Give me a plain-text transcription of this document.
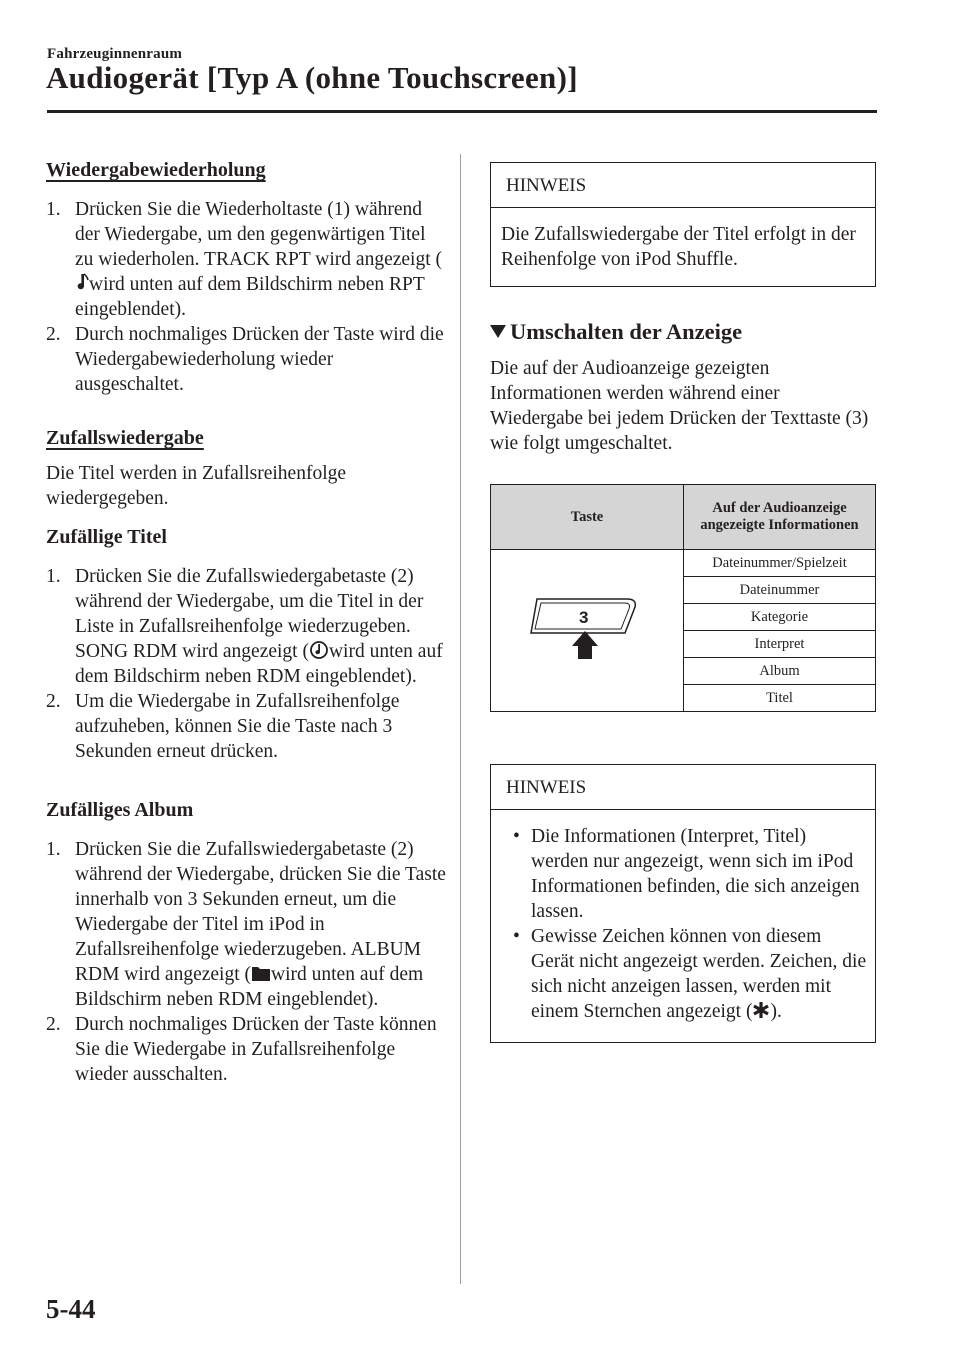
Fahrzeuginnenraum
Audiogerät [Typ A (ohne Touchscreen)]

Wiedergabewiederholung

1. Drücken Sie die Wiederholtaste (1) während der Wiedergabe, um den gegenwärtigen Titel zu wiederholen. TRACK RPT wird angezeigt (wird unten auf dem Bildschirm neben RPT eingeblendet).
2. Durch nochmaliges Drücken der Taste wird die Wiedergabewiederholung wieder ausgeschaltet.

Zufallswiedergabe

Die Titel werden in Zufallsreihenfolge wiedergegeben.

Zufällige Titel

1. Drücken Sie die Zufallswiedergabetaste (2) während der Wiedergabe, um die Titel in der Liste in Zufallsreihenfolge wiederzugeben. SONG RDM wird angezeigt ( wird unten auf dem Bildschirm neben RDM eingeblendet).
2. Um die Wiedergabe in Zufallsreihenfolge aufzuheben, können Sie die Taste nach 3 Sekunden erneut drücken.

Zufälliges Album

1. Drücken Sie die Zufallswiedergabetaste (2) während der Wiedergabe, drücken Sie die Taste innerhalb von 3 Sekunden erneut, um die Wiedergabe der Titel im iPod in Zufallsreihenfolge wiederzugeben. ALBUM RDM wird angezeigt ( wird unten auf dem Bildschirm neben RDM eingeblendet).
2. Durch nochmaliges Drücken der Taste können Sie die Wiedergabe in Zufallsreihenfolge wieder ausschalten.
HINWEIS
Die Zufallswiedergabe der Titel erfolgt in der Reihenfolge von iPod Shuffle.
Umschalten der Anzeige

Die auf der Audioanzeige gezeigten Informationen werden während einer Wiedergabe bei jedem Drücken der Texttaste (3) wie folgt umgeschaltet.

Taste	Auf der Audioanzeige angezeigte Informationen

3	Dateinummer/Spielzeit
	Dateinummer
	Kategorie
	Interpret
	Album
	Titel
HINWEIS
• Die Informationen (Interpret, Titel) werden nur angezeigt, wenn sich im iPod Informationen befinden, die sich anzeigen lassen.
• Gewisse Zeichen können von diesem Gerät nicht angezeigt werden. Zeichen, die sich nicht anzeigen lassen, werden mit einem Sternchen angezeigt ( ).
5-44
